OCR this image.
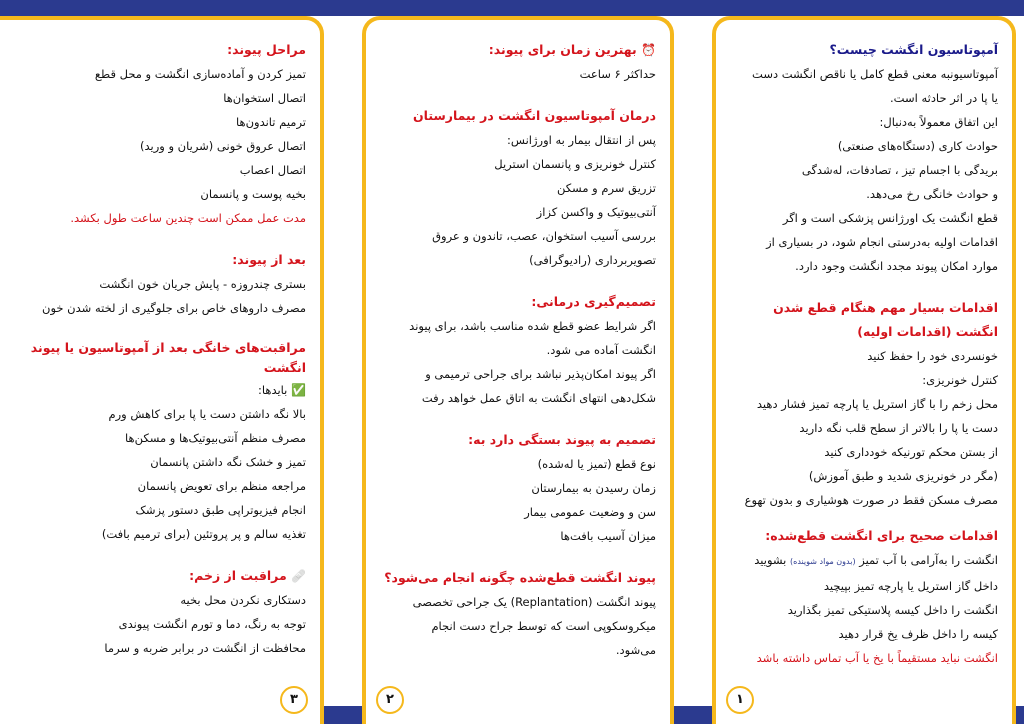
آمپوتاسیون انگشت چیست؟
آمپوتاسیونبه معنی قطع کامل یا ناقص انگشت دست
یا پا در اثر حادثه است.
این اتفاق معمولاً به‌دنبال:
حوادث کاری (دستگاه‌های صنعتی)
بریدگی با اجسام تیز ، تصادفات، له‌شدگی
و حوادث خانگی رخ می‌دهد.
قطع انگشت یک اورژانس پزشکی است و اگر
اقدامات اولیه به‌درستی انجام شود، در بسیاری از
موارد امکان پیوند مجدد انگشت وجود دارد.
اقدامات بسیار مهم هنگام قطع شدن انگشت (اقدامات اولیه)
خونسردی خود را حفظ کنید
کنترل خونریزی:
محل زخم را با گاز استریل یا پارچه تمیز فشار دهید
دست یا پا را بالاتر از سطح قلب نگه دارید
از بستن محکم تورنیکه خودداری کنید
(مگر در خونریزی شدید و طبق آموزش)
مصرف مسکن فقط در صورت هوشیاری و بدون تهوع
اقدامات صحیح برای انگشت قطع‌شده:
انگشت را به‌آرامی با آب تمیز (بدون مواد شوینده) بشویید
داخل گاز استریل یا پارچه تمیز بپیچید
انگشت را داخل کیسه پلاستیکی تمیز بگذارید
کیسه را داخل ظرف یخ قرار دهید
انگشت نباید مستقیماً با یخ یا آب تماس داشته باشد
۱
⏰ بهترین زمان برای پیوند:
حداکثر ۶ ساعت
درمان آمپوتاسیون انگشت در بیمارستان
پس از انتقال بیمار به اورژانس:
کنترل خونریزی و پانسمان استریل
تزریق سرم و مسکن
آنتی‌بیوتیک و واکسن کزاز
بررسی آسیب استخوان، عصب، تاندون و عروق
تصویربرداری (رادیوگرافی)
تصمیم‌گیری درمانی:
اگر شرایط عضو قطع شده مناسب باشد، برای پیوند
انگشت آماده می شود.
اگر پیوند امکان‌پذیر نباشد برای جراحی ترمیمی و
شکل‌دهی انتهای انگشت به اتاق عمل خواهد رفت
تصمیم به پیوند بستگی دارد به:
نوع قطع (تمیز یا له‌شده)
زمان رسیدن به بیمارستان
سن و وضعیت عمومی بیمار
میزان آسیب بافت‌ها
پیوند انگشت قطع‌شده چگونه انجام می‌شود؟
پیوند انگشت (Replantation) یک جراحی تخصصی
میکروسکوپی است که توسط جراح دست انجام
می‌شود.
۲
مراحل پیوند:
تمیز کردن و آماده‌سازی انگشت و محل قطع
اتصال استخوان‌ها
ترمیم تاندون‌ها
اتصال عروق خونی (شریان و ورید)
اتصال اعصاب
بخیه پوست و پانسمان
مدت عمل ممکن است چندین ساعت طول بکشد.
بعد از پیوند:
بستری چندروزه - پایش جریان خون انگشت
مصرف داروهای خاص برای جلوگیری از لخته شدن خون
مراقبت‌های خانگی بعد از آمپوتاسیون یا پیوند انگشت
✅ بایدها:
بالا نگه داشتن دست یا پا برای کاهش ورم
مصرف منظم آنتی‌بیوتیک‌ها و مسکن‌ها
تمیز و خشک نگه داشتن پانسمان
مراجعه منظم برای تعویض پانسمان
انجام فیزیوتراپی طبق دستور پزشک
تغذیه سالم و پر پروتئین (برای ترمیم بافت)
🩹 مراقبت از زخم:
دستکاری نکردن محل بخیه
توجه به رنگ، دما و تورم انگشت پیوندی
محافظت از انگشت در برابر ضربه و سرما
۳
